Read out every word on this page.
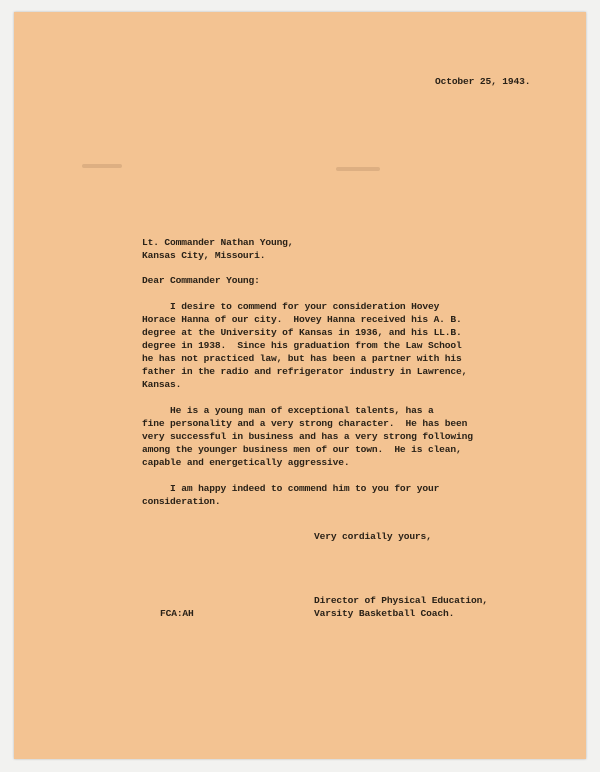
October 25, 1943.
Lt. Commander Nathan Young,
Kansas City, Missouri.
Dear Commander Young:
I desire to commend for your consideration Hovey
Horace Hanna of our city.  Hovey Hanna received his A. B.
degree at the University of Kansas in 1936, and his LL.B.
degree in 1938.  Since his graduation from the Law School
he has not practiced law, but has been a partner with his
father in the radio and refrigerator industry in Lawrence,
Kansas.
He is a young man of exceptional talents, has a
fine personality and a very strong character.  He has been
very successful in business and has a very strong following
among the younger business men of our town.  He is clean,
capable and energetically aggressive.
I am happy indeed to commend him to you for your
consideration.
Very cordially yours,
Director of Physical Education,
Varsity Basketball Coach.
FCA:AH
